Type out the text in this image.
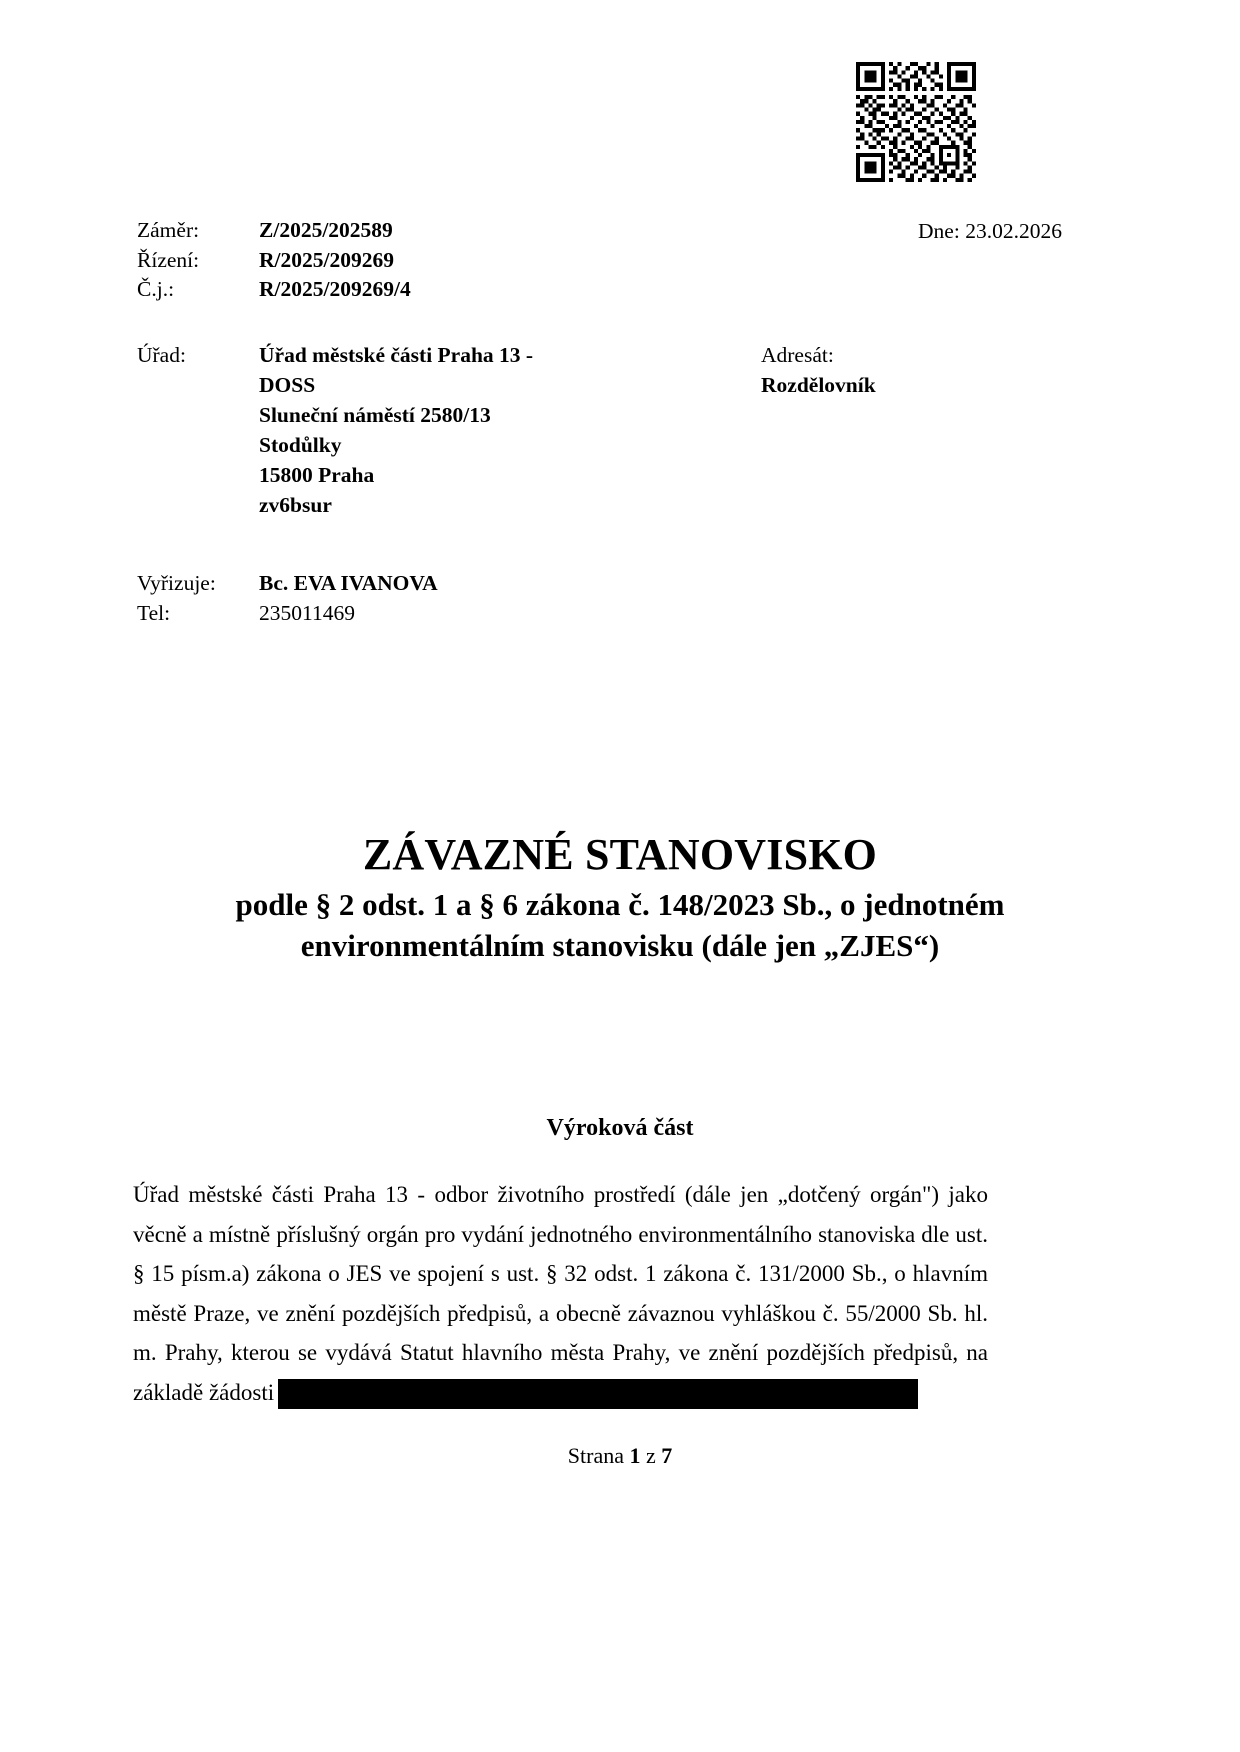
Záměr:	Z/2025/202589
Řízení:	R/2025/209269
Č.j.:	R/2025/209269/4
Dne: 23.02.2026
Úřad:	Úřad městské části Praha 13 -
DOSS
Sluneční náměstí 2580/13
Stodůlky
15800 Praha
zv6bsur
Adresát:
Rozdělovník
Vyřizuje:	Bc. EVA IVANOVA
Tel:	235011469
ZÁVAZNÉ STANOVISKO
podle § 2 odst. 1 a § 6 zákona č. 148/2023 Sb., o jednotném environmentálním stanovisku (dále jen „ZJES“)
Výroková část

Úřad městské části Praha 13 - odbor životního prostředí (dále jen „dotčený orgán") jako věcně a místně příslušný orgán pro vydání jednotného environmentálního stanoviska dle ust. § 15 písm.a) zákona o JES ve spojení s ust. § 32 odst. 1 zákona č. 131/2000 Sb., o hlavním městě Praze, ve znění pozdějších předpisů, a obecně závaznou vyhláškou č. 55/2000 Sb. hl. m. Prahy, kterou se vydává Statut hlavního města Prahy, ve znění pozdějších předpisů, na základě žádosti

Strana 1 z 7
